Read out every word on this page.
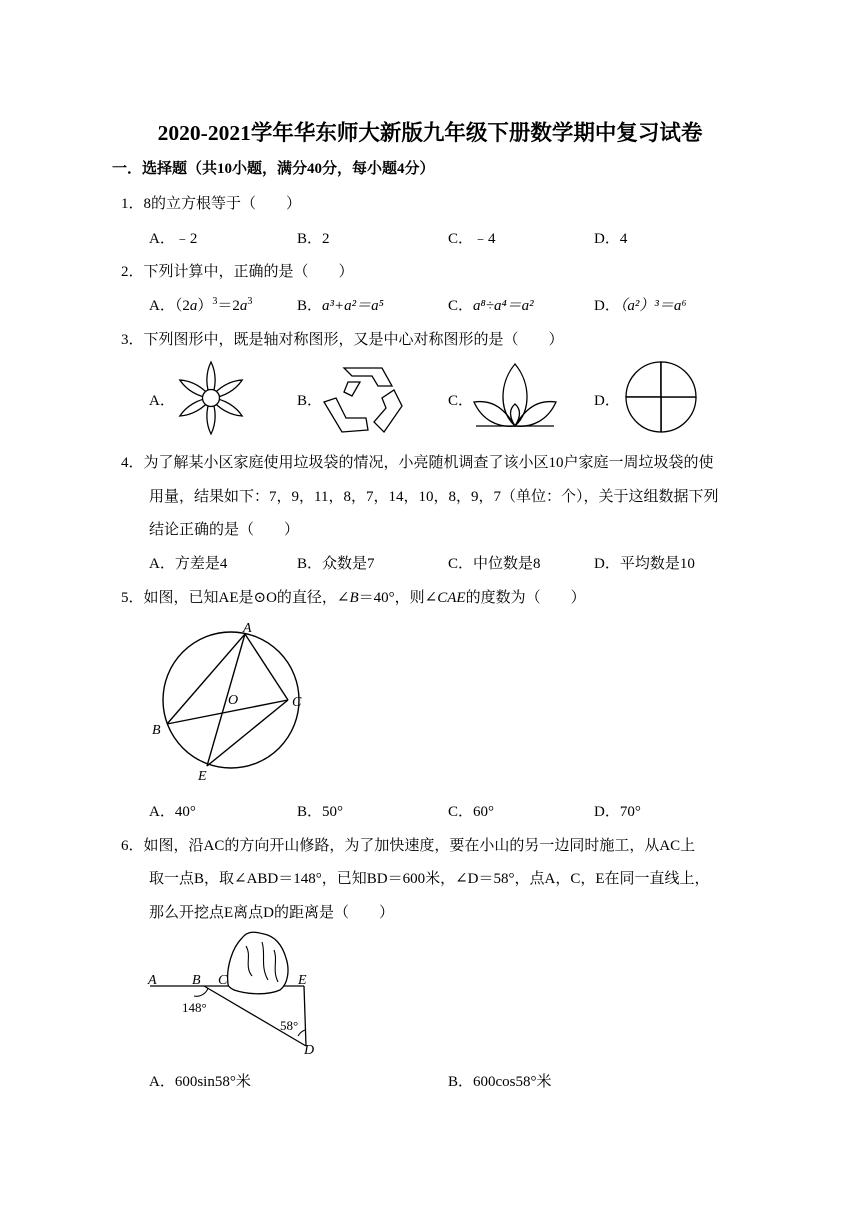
2020-2021学年华东师大新版九年级下册数学期中复习试卷
一．选择题（共10小题，满分40分，每小题4分）
1．8的立方根等于（　　）
A．﹣2	B．2	C．﹣4	D．4
2．下列计算中，正确的是（　　）
A．$(2a)^3=2a^3$	B．a³+a²＝a⁵	C．a⁸÷a⁴＝a²	D．（a²）³＝a⁶
3．下列图形中，既是轴对称图形，又是中心对称图形的是（　　）
A．	B．	C．	D．
4．为了解某小区家庭使用垃圾袋的情况，小亮随机调查了该小区10户家庭一周垃圾袋的使
用量，结果如下：7，9，11，8，7，14，10，8，9，7（单位：个），关于这组数据下列
结论正确的是（　　）
A．方差是4	B．众数是7	C．中位数是8	D．平均数是10
5．如图，已知AE是⊙O的直径，∠B＝40°，则∠CAE的度数为（　　）
A
O	C
B
E
A．40°	B．50°	C．60°	D．70°
6．如图，沿AC的方向开山修路，为了加快速度，要在小山的另一边同时施工，从AC上
取一点B，取∠ABD＝148°，已知BD＝600米，∠D＝58°，点A，C，E在同一直线上，
那么开挖点E离点D的距离是（　　）
A	B C	E
148°
58°
D
A．600sin58°米	B．600cos58°米
